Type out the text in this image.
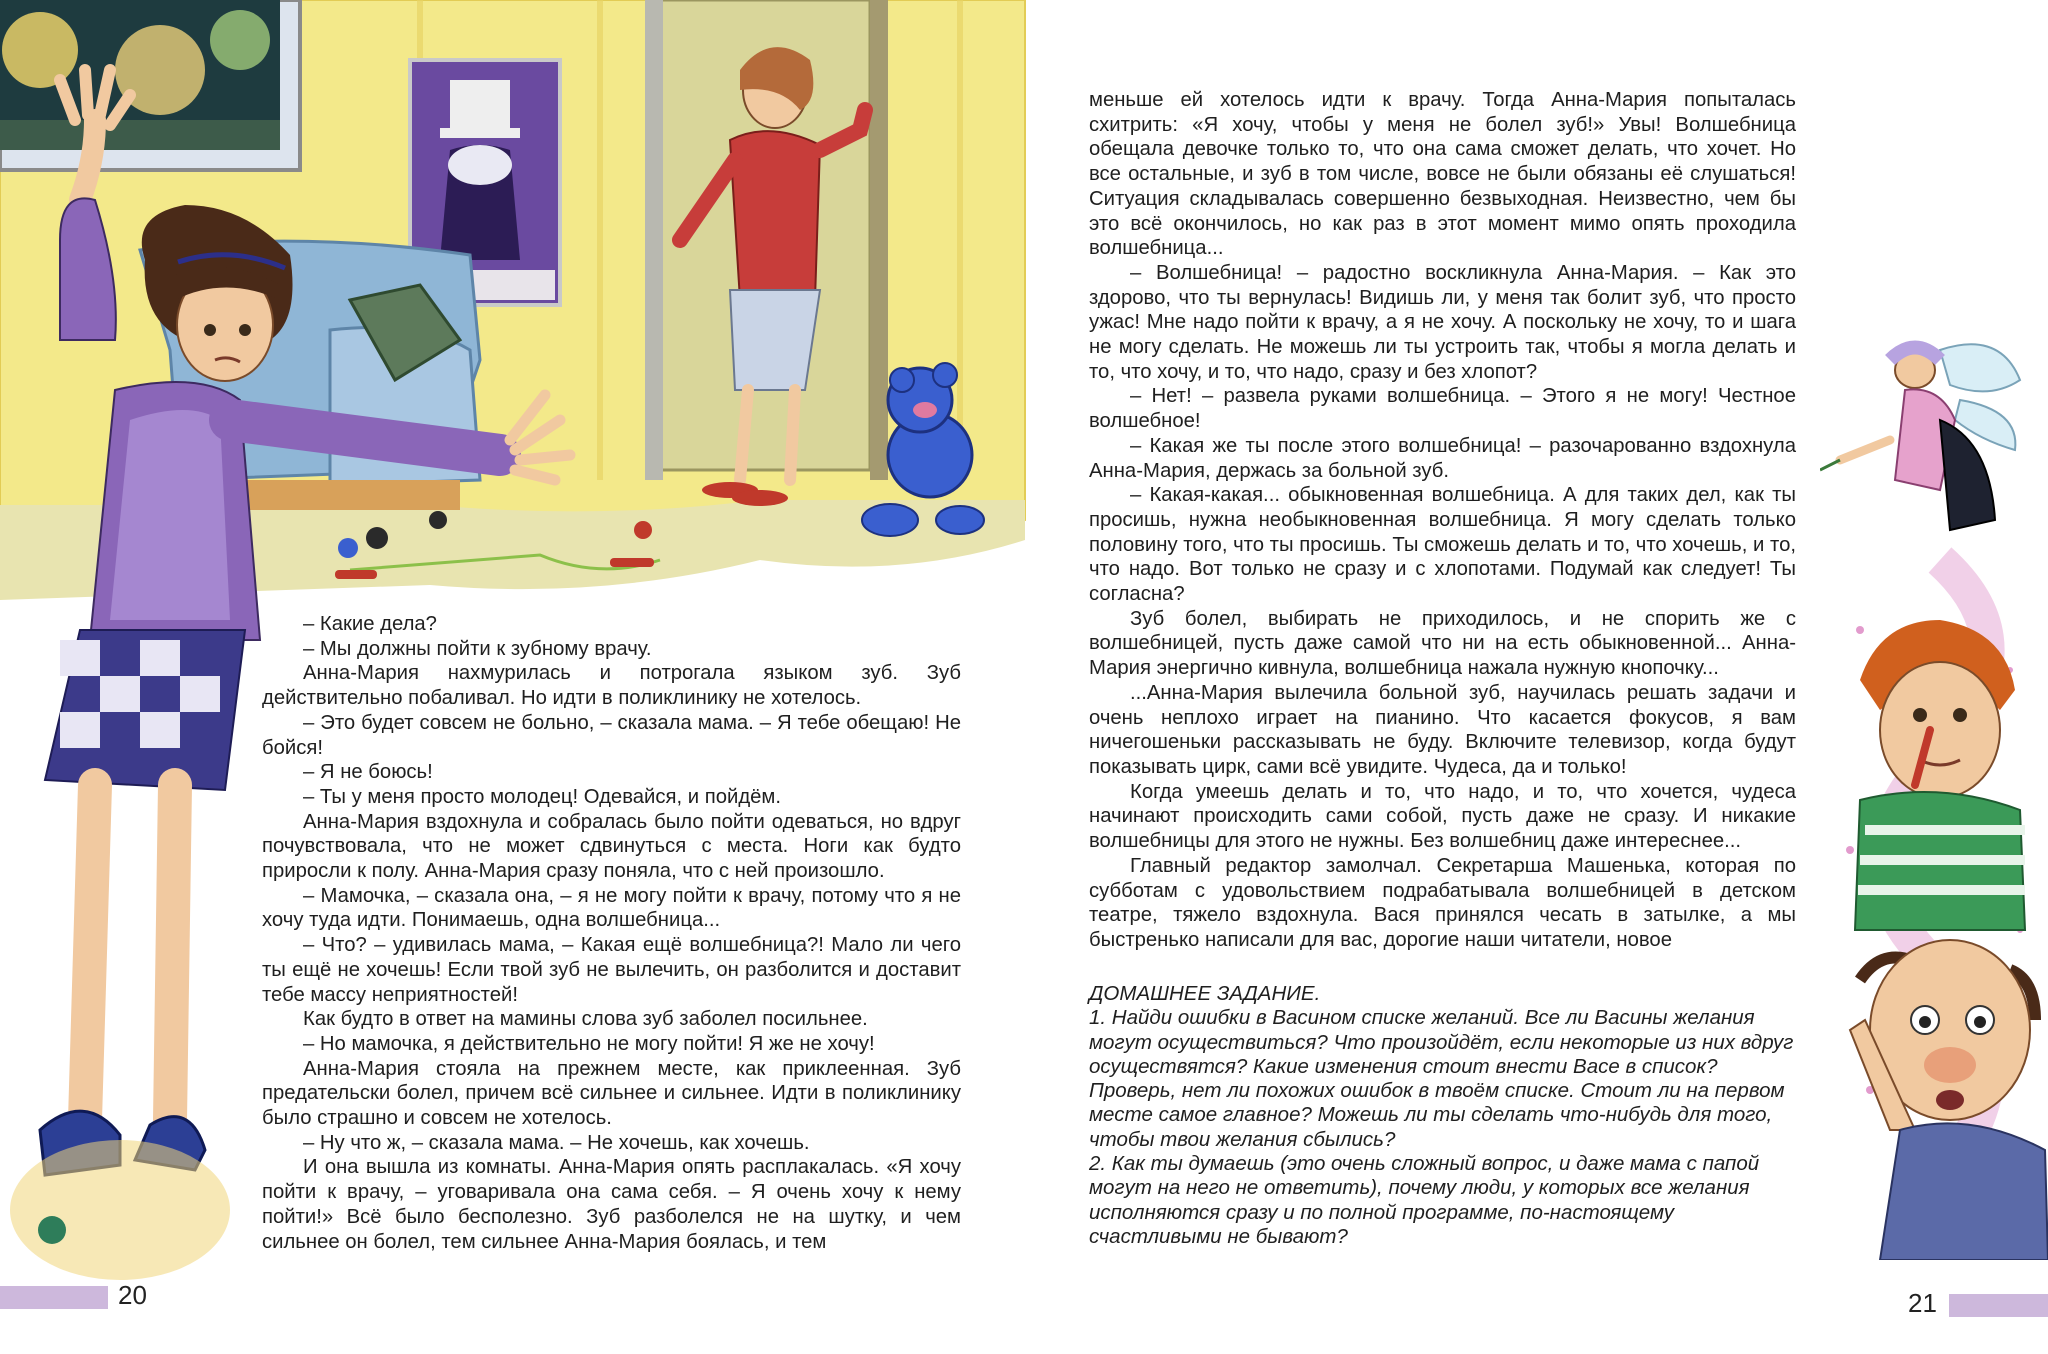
– Какие дела?

– Мы должны пойти к зубному врачу.

Анна-Мария нахмурилась и потрогала языком зуб. Зуб действительно побаливал. Но идти в поликлинику не хотелось.

– Это будет совсем не больно, – сказала мама. – Я тебе обещаю! Не бойся!

– Я не боюсь!

– Ты у меня просто молодец! Одевайся, и пойдём.

Анна-Мария вздохнула и собралась было пойти одеваться, но вдруг почувствовала, что не может сдвинуться с места. Ноги как будто приросли к полу. Анна-Мария сразу поняла, что с ней произошло.

– Мамочка, – сказала она, – я не могу пойти к врачу, потому что я не хочу туда идти. Понимаешь, одна волшебница...

– Что? – удивилась мама, – Какая ещё волшебница?! Мало ли чего ты ещё не хочешь! Если твой зуб не вылечить, он разболится и доставит тебе массу неприятностей!

Как будто в ответ на мамины слова зуб заболел посильнее.

– Но мамочка, я действительно не могу пойти! Я же не хочу!

Анна-Мария стояла на прежнем месте, как приклеенная. Зуб предательски болел, причем всё сильнее и сильнее. Идти в поликлинику было страшно и совсем не хотелось.

– Ну что ж, – сказала мама. – Не хочешь, как хочешь.

И она вышла из комнаты. Анна-Мария опять расплакалась. «Я хочу пойти к врачу, – уговаривала она сама себя. – Я очень хочу к нему пойти!» Всё было бесполезно. Зуб разболелся не на шутку, и чем сильнее он болел, тем сильнее Анна-Мария боялась, и тем

20

меньше ей хотелось идти к врачу. Тогда Анна-Мария попыталась схитрить: «Я хочу, чтобы у меня не болел зуб!» Увы! Волшебница обещала девочке только то, что она сама сможет делать, что хочет. Но все остальные, и зуб в том числе, вовсе не были обязаны её слушаться! Ситуация складывалась совершенно безвыходная. Неизвестно, чем бы это всё окончилось, но как раз в этот момент мимо опять проходила волшебница...

– Волшебница! – радостно воскликнула Анна-Мария. – Как это здорово, что ты вернулась! Видишь ли, у меня так болит зуб, что просто ужас! Мне надо пойти к врачу, а я не хочу. А поскольку не хочу, то и шага не могу сделать. Не можешь ли ты устроить так, чтобы я могла делать и то, что хочу, и то, что надо, сразу и без хлопот?

– Нет! – развела руками волшебница. – Этого я не могу! Честное волшебное!

– Какая же ты после этого волшебница! – разочарованно вздохнула Анна-Мария, держась за больной зуб.

– Какая-какая... обыкновенная волшебница. А для таких дел, как ты просишь, нужна необыкновенная волшебница. Я могу сделать только половину того, что ты просишь. Ты сможешь делать и то, что хочешь, и то, что надо. Вот только не сразу и с хлопотами. Подумай как следует! Ты согласна?

Зуб болел, выбирать не приходилось, и не спорить же с волшебницей, пусть даже самой что ни на есть обыкновенной... Анна-Мария энергично кивнула, волшебница нажала нужную кнопочку...

...Анна-Мария вылечила больной зуб, научилась решать задачи и очень неплохо играет на пианино. Что касается фокусов, я вам ничегошеньки рассказывать не буду. Включите телевизор, когда будут показывать цирк, сами всё увидите. Чудеса, да и только!

Когда умеешь делать и то, что надо, и то, что хочется, чудеса начинают происходить сами собой, пусть даже не сразу. И никакие волшебницы для этого не нужны. Без волшебниц даже интереснее...

Главный редактор замолчал. Секретарша Машенька, которая по субботам с удовольствием подрабатывала волшебницей в детском театре, тяжело вздохнула. Вася принялся чесать в затылке, а мы быстренько написали для вас, дорогие наши читатели, новое

ДОМАШНЕЕ ЗАДАНИЕ.

1. Найди ошибки в Васином списке желаний. Все ли Васины желания могут осуществиться? Что произойдёт, если некоторые из них вдруг осуществятся? Какие изменения стоит внести Васе в список?

Проверь, нет ли похожих ошибок в твоём списке. Стоит ли на первом месте самое главное? Можешь ли ты сделать что-нибудь для того, чтобы твои желания сбылись?

2. Как ты думаешь (это очень сложный вопрос, и даже мама с папой могут на него не ответить), почему люди, у которых все желания исполняются сразу и по полной программе, по-настоящему счастливыми не бывают?

21
